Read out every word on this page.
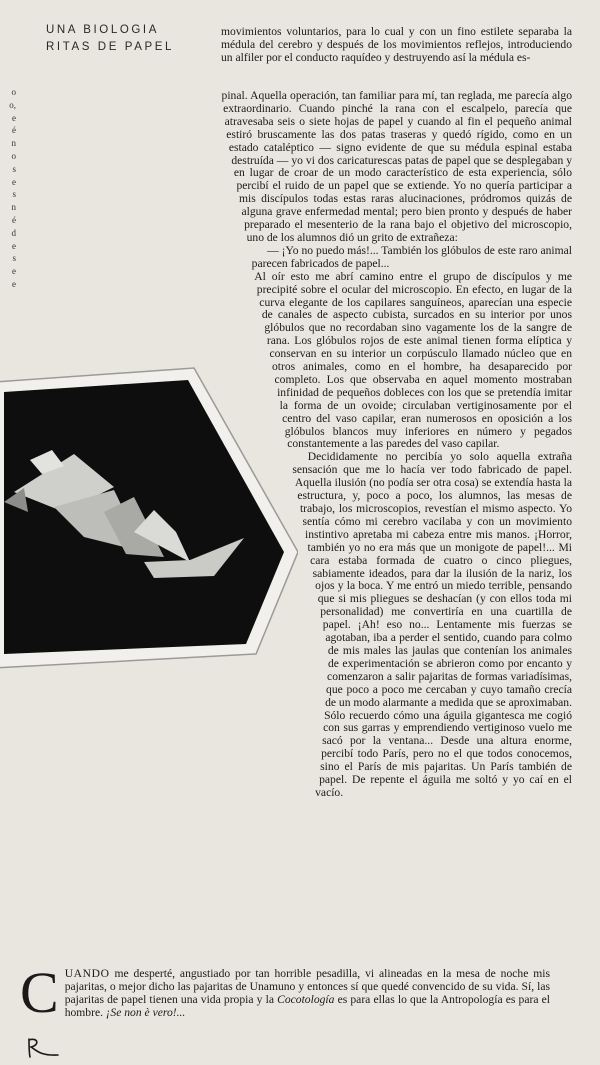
UNA BIOLOGIA
RITAS DE PAPEL
o
o,
e
é
n
o
s
e
s
n
é
d
e
s
e
e

movimientos voluntarios, para lo cual y con un fino estilete separaba la médula del cerebro y después de los movimientos reflejos, introduciendo un alfiler por el conducto raquídeo y destruyendo así la médula es-

pinal. Aquella operación, tan familiar para mí, tan reglada, me parecía algo extraordinario. Cuando pinché la rana con el escalpelo, parecía que atravesaba seis o siete hojas de papel y cuando al fin el pequeño animal estiró bruscamente las dos patas traseras y quedó rígido, como en un estado cataléptico — signo evidente de que su médula espinal estaba destruída — yo vi dos caricaturescas patas de papel que se desplegaban y en lugar de croar de un modo característico de esta experiencia, sólo percibí el ruido de un papel que se extiende. Yo no quería participar a mis discípulos todas estas raras alucinaciones, pródromos quizás de alguna grave enfermedad mental; pero bien pronto y después de haber preparado el mesenterio de la rana bajo el objetivo del microscopio, uno de los alumnos dió un grito de extrañeza:

— ¡Yo no puedo más!... También los glóbulos de este raro animal parecen fabricados de papel...

Al oír esto me abrí camino entre el grupo de discípulos y me precipité sobre el ocular del microscopio. En efecto, en lugar de la curva elegante de los capilares sanguíneos, aparecían una especie de canales de aspecto cubista, surcados en su interior por unos glóbulos que no recordaban sino vagamente los de la sangre de rana. Los glóbulos rojos de este animal tienen forma elíptica y conservan en su interior un corpúsculo llamado núcleo que en otros animales, como en el hombre, ha desaparecido por completo. Los que observaba en aquel momento mostraban infinidad de pequeños dobleces con los que se pretendía imitar la forma de un ovoide; circulaban vertiginosamente por el centro del vaso capilar, eran numerosos en oposición a los glóbulos blancos muy inferiores en número y pegados constantemente a las paredes del vaso capilar.

Decididamente no percibía yo solo aquella extraña sensación que me lo hacía ver todo fabricado de papel. Aquella ilusión (no podía ser otra cosa) se extendía hasta la estructura, y, poco a poco, los alumnos, las mesas de trabajo, los microscopios, revestían el mismo aspecto. Yo sentía cómo mi cerebro vacilaba y con un movimiento instintivo apretaba mi cabeza entre mis manos. ¡Horror, también yo no era más que un monigote de papel!... Mi cara estaba formada de cuatro o cinco pliegues, sabiamente ideados, para dar la ilusión de la nariz, los ojos y la boca. Y me entró un miedo terrible, pensando que si mis pliegues se deshacían (y con ellos toda mi personalidad) me convertiría en una cuartilla de papel. ¡Ah! eso no... Lentamente mis fuerzas se agotaban, iba a perder el sentido, cuando para colmo de mis males las jaulas que contenían los animales de experimentación se abrieron como por encanto y comenzaron a salir pajaritas de formas variadísimas, que poco a poco me cercaban y cuyo tamaño crecía de un modo alarmante a medida que se aproximaban. Sólo recuerdo cómo una águila gigantesca me cogió con sus garras y emprendiendo vertiginoso vuelo me sacó por la ventana... Desde una altura enorme, percibí todo París, pero no el que todos conocemos, sino el París de mis pajaritas. Un París también de papel. De repente el águila me soltó y yo caí en el vacío.

C UANDO me desperté, angustiado por tan horrible pesadilla, vi alineadas en la mesa de noche mis pajaritas, o mejor dicho las pajaritas de Unamuno y entonces sí que quedé convencido de su vida. Sí, las pajaritas de papel tienen una vida propia y la Cocotología es para ellas lo que la Antropología es para el hombre. ¡Se non è vero!...
